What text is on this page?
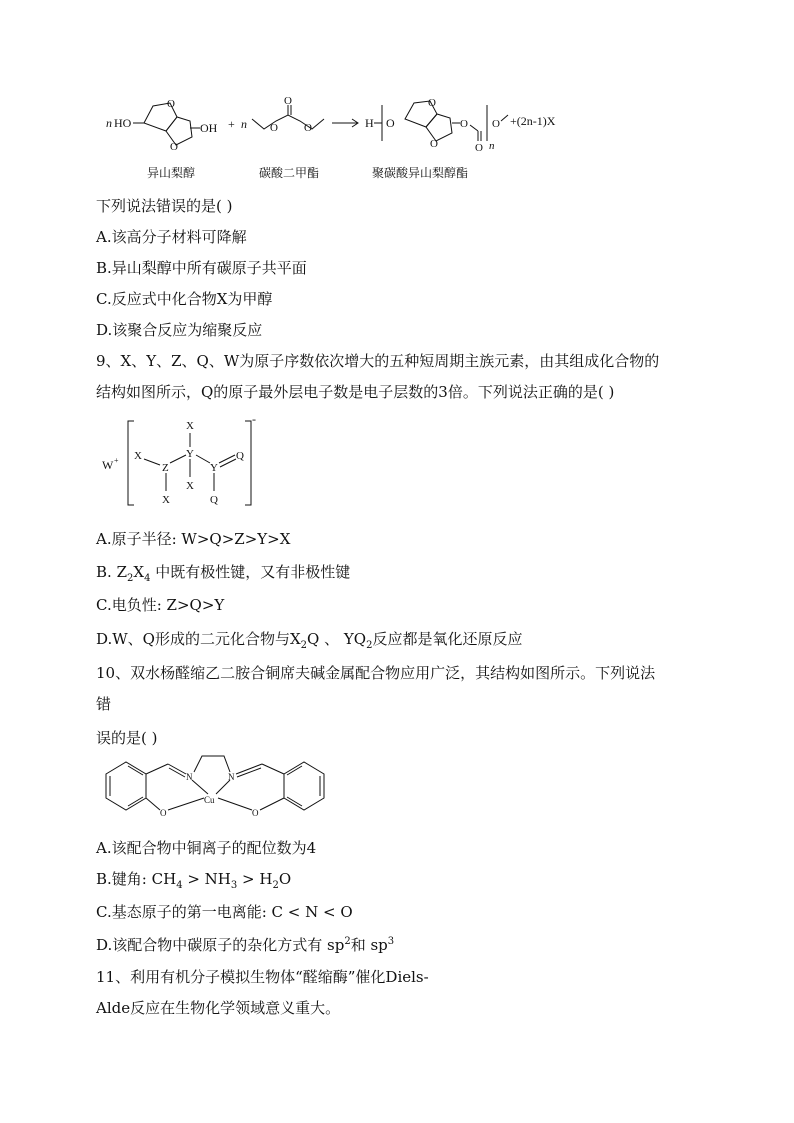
n HO	OH
O
O
+ n
O
O O	H O
O
O
O
O n
O +(2n-1)X
异山梨醇	碳酸二甲酯	聚碳酸异山梨醇酯
下列说法错误的是( )
A.该高分子材料可降解
B.异山梨醇中所有碳原子共平面
C.反应式中化合物X为甲醇
D.该聚合反应为缩聚反应
9、X、Y、Z、Q、W为原子序数依次增大的五种短周期主族元素，由其组成化合物的
结构如图所示，Q的原子最外层电子数是电子层数的3倍。下列说法正确的是( )
W +
-
X
Z
X
X
Y
X
Y
Q
Q
A.原子半径: W>Q>Z>Y>X
B. $Z_2X_4$ 中既有极性键，又有非极性键
C.电负性: Z>Q>Y
D.W、Q形成的二元化合物与$X_2Q$ 、 $YQ_2$反应都是氧化还原反应
10、双水杨醛缩乙二胺合铜席夫碱金属配合物应用广泛，其结构如图所示。下列说法
错
误的是( )
N	N
Cu
O	O
A.该配合物中铜离子的配位数为4
B.键角: $CH_4 > NH_3 > H_2O$
C.基态原子的第一电离能: C < N < O
D.该配合物中碳原子的杂化方式有 $sp^2$和 $sp^3$
11、利用有机分子模拟生物体“醛缩酶”催化Diels-
Alde反应在生物化学领域意义重大。
